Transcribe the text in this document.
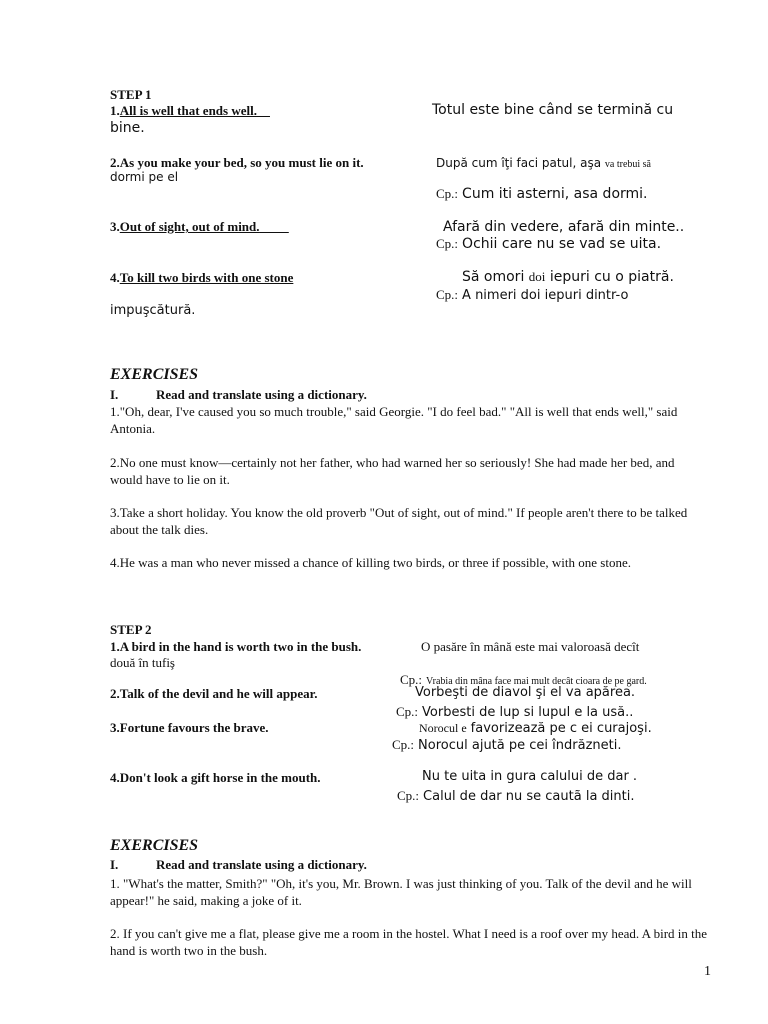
STEP 1
1.All is well that ends well.	Totul este bine când se termină cu
bine.
2.As you make your bed, so you must lie on it.	După cum îţi faci patul, aşa va trebui să
dormi pe el
Cp.: Cum iti asterni, asa dormi.
3.Out of sight, out of mind.	Afară din vedere, afară din minte..
Cp.: Ochii care nu se vad se uita.
4.To kill two birds with one stone	Să omori doi iepuri cu o piatră.
Cp.: A nimeri doi iepuri dintr-o
impuşcătură.
EXERCISES
I.	Read and translate using a dictionary.
1."Oh, dear, I've caused you so much trouble," said Georgie. "I do feel bad." "All is well that ends well," said Antonia.
2.No one must know—certainly not her father, who had warned her so seriously! She had made her bed, and would have to lie on it.
3.Take a short holiday. You know the old proverb "Out of sight, out of mind." If people aren't there to be talked about the talk dies.
4.He was a man who never missed a chance of killing two birds, or three if possible, with one stone.
STEP 2
1.A bird in the hand is worth two in the bush.	O pasăre în mână este mai valoroasă decît
două în tufiş
Cp.: Vrabia din mâna face mai mult decât cioara de pe gard.
2.Talk of the devil and he will appear.	Vorbeşti de diavol şi el va apărea.
Cp.: Vorbesti de lup si lupul e la usă..
3.Fortune favours the brave.	Norocul e favorizează pe c ei curajoşi.
Cp.: Norocul ajută pe cei îndrăzneti.
4.Don't look a gift horse in the mouth.	Nu te uita in gura calului de dar .
Cp.: Calul de dar nu se cautã la dinti.
EXERCISES
I.	Read and translate using a dictionary.
1. "What's the matter, Smith?" "Oh, it's you, Mr. Brown. I was just thinking of you. Talk of the devil and he will appear!" he said, making a joke of it.
2. If you can't give me a flat, please give me a room in the hostel. What I need is a roof over my head. A bird in the hand is worth two in the bush.
1
